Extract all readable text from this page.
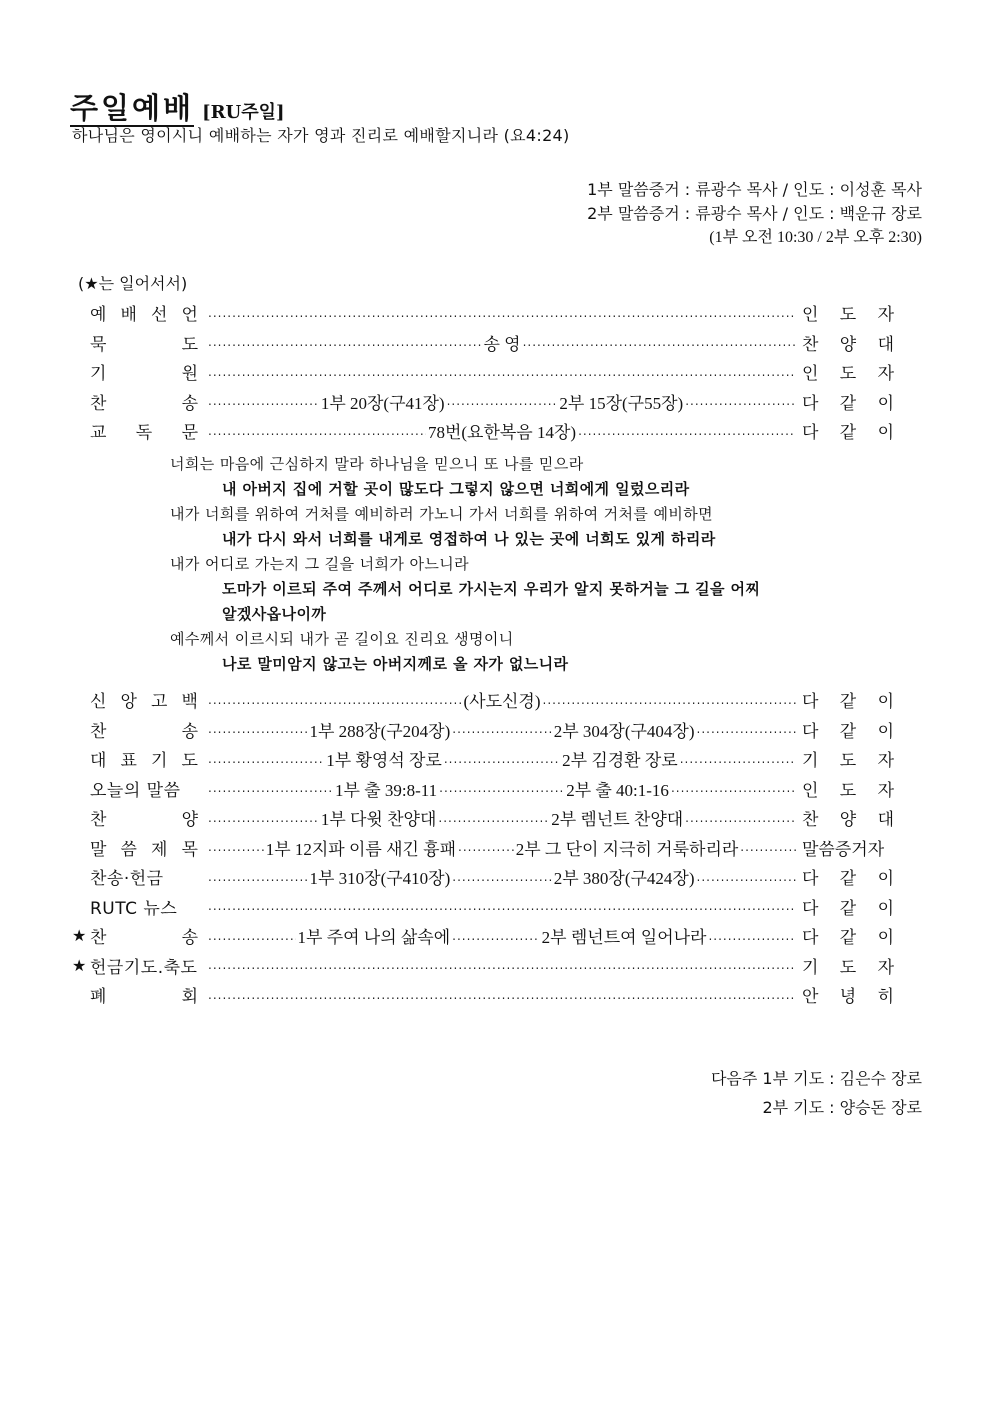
주일예배 [RU주일]
하나님은 영이시니 예배하는 자가 영과 진리로 예배할지니라 (요4:24)
1부 말씀증거 : 류광수 목사 / 인도 : 이성훈 목사
2부 말씀증거 : 류광수 목사 / 인도 : 백운규 장로
(1부 오전 10:30 / 2부 오후 2:30)
(★는 일어서서)
예 배 선 언 .....	인 도 자
묵	도 .....	송 영 .....	찬 양 대
기	원 .....	인 도 자
찬	송 .....	1부 20장(구41장) .....	2부 15장(구55장) .....	다 같 이
교 독 문 .....	78번(요한복음 14장) .....	다 같 이
너희는 마음에 근심하지 말라 하나님을 믿으니 또 나를 믿으라
내 아버지 집에 거할 곳이 많도다 그렇지 않으면 너희에게 일렀으리라
내가 너희를 위하여 거처를 예비하러 가노니 가서 너희를 위하여 거처를 예비하면
내가 다시 와서 너희를 내게로 영접하여 나 있는 곳에 너희도 있게 하리라
내가 어디로 가는지 그 길을 너희가 아느니라
도마가 이르되 주여 주께서 어디로 가시는지 우리가 알지 못하거늘 그 길을 어찌
알겠사옵나이까
예수께서 이르시되 내가 곧 길이요 진리요 생명이니
나로 말미암지 않고는 아버지께로 올 자가 없느니라
신 앙 고 백 .....	(사도신경) .....	다 같 이
찬	송 .....	1부 288장(구204장) .....	2부 304장(구404장) .....	다 같 이
대 표 기 도 .....	1부 황영석 장로 .....	2부 김경환 장로 .....	기 도 자
오늘의 말씀 .....	1부 출 39:8-11 .....	2부 출 40:1-16 .....	인 도 자
찬	양 .....	1부 다윗 찬양대 .....	2부 렘넌트 찬양대 .....	찬 양 대
말 씀 제 목 .....	1부 12지파 이름 새긴 흉패 .....	2부 그 단이 지극히 거룩하리라 .....	말씀증거자
찬송·헌금 .....	1부 310장(구410장) .....	2부 380장(구424장) .....	다 같 이
RUTC 뉴스 .....	다 같 이
★ 찬	송 .....	1부 주여 나의 삶속에 .....	2부 렘넌트여 일어나라 .....	다 같 이
★ 헌금기도.축도 .....	기 도 자
폐	회 .....	안 녕 히
다음주 1부 기도 : 김은수 장로
2부 기도 : 양승돈 장로
